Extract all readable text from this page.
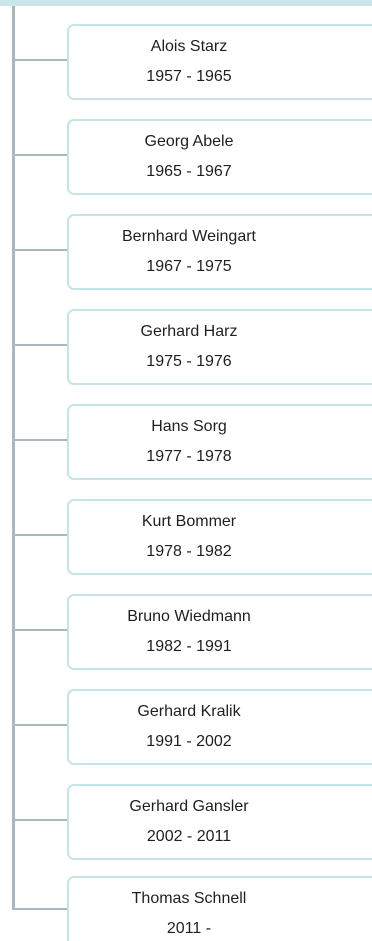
Alois Starz
1957 - 1965
Georg Abele
1965 - 1967
Bernhard Weingart
1967 - 1975
Gerhard Harz
1975 - 1976
Hans Sorg
1977 - 1978
Kurt Bommer
1978 - 1982
Bruno Wiedmann
1982 - 1991
Gerhard Kralik
1991 - 2002
Gerhard Gansler
2002 - 2011
Thomas Schnell
2011 -
